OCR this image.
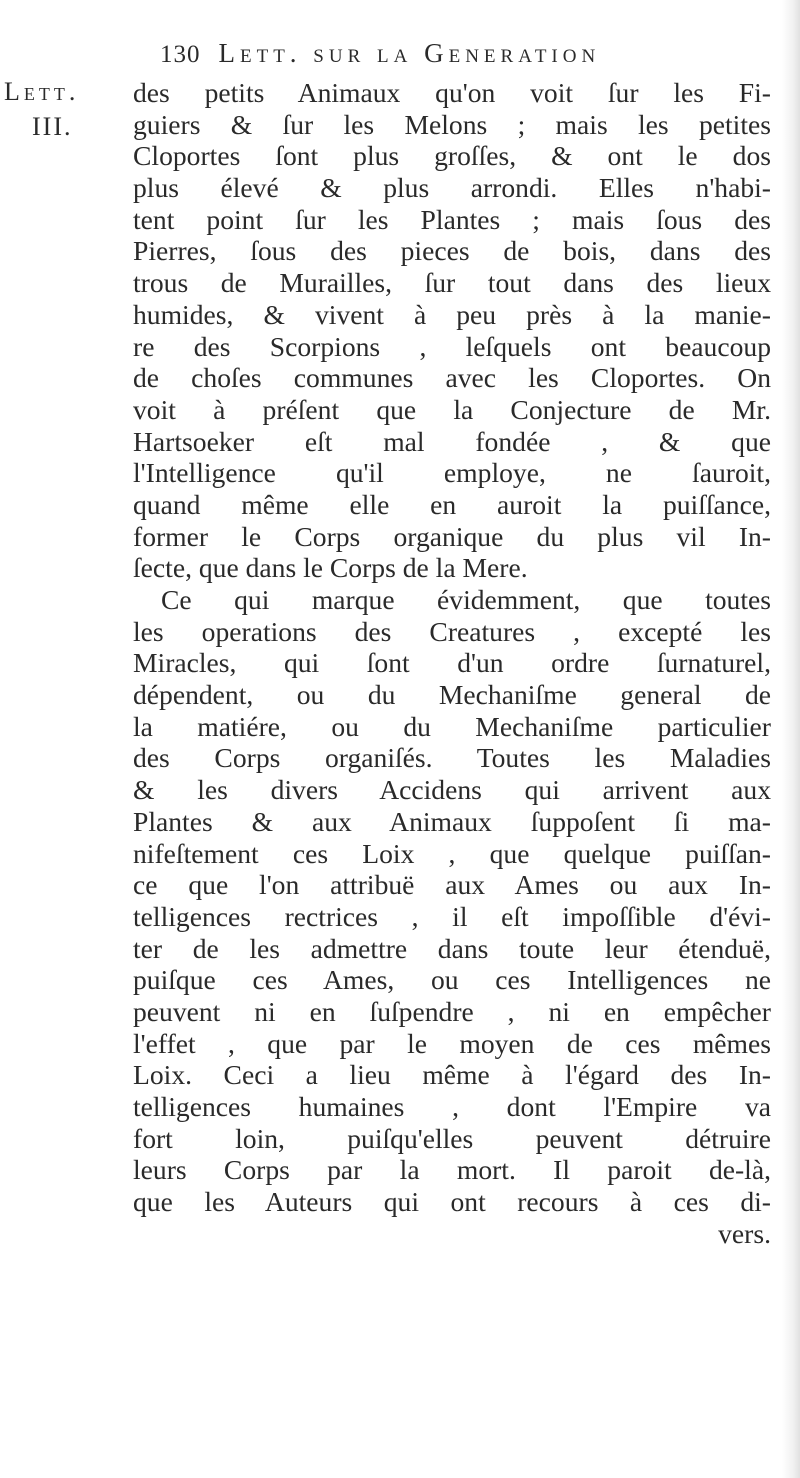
130 Lett. sur la Generation
Lett.
III.
des petits Animaux qu'on voit ſur les Fi-
guiers & ſur les Melons ; mais les petites
Cloportes ſont plus groſſes, & ont le dos
plus élevé & plus arrondi. Elles n'habi-
tent point ſur les Plantes ; mais ſous des
Pierres, ſous des pieces de bois, dans des
trous de Murailles, ſur tout dans des lieux
humides, & vivent à peu près à la manie-
re des Scorpions , leſquels ont beaucoup
de choſes communes avec les Cloportes. On
voit à préſent que la Conjecture de Mr.
Hartsoeker eſt mal fondée , & que
l'Intelligence qu'il employe, ne ſauroit,
quand même elle en auroit la puiſſance,
former le Corps organique du plus vil In-
ſecte, que dans le Corps de la Mere.
Ce qui marque évidemment, que toutes
les operations des Creatures , excepté les
Miracles, qui ſont d'un ordre ſurnaturel,
dépendent, ou du Mechaniſme general de
la matiére, ou du Mechaniſme particulier
des Corps organiſés. Toutes les Maladies
& les divers Accidens qui arrivent aux
Plantes & aux Animaux ſuppoſent ſi ma-
nifeſtement ces Loix , que quelque puiſſan-
ce que l'on attribuë aux Ames ou aux In-
telligences rectrices , il eſt impoſſible d'évi-
ter de les admettre dans toute leur étenduë,
puiſque ces Ames, ou ces Intelligences ne
peuvent ni en ſuſpendre , ni en empêcher
l'effet , que par le moyen de ces mêmes
Loix. Ceci a lieu même à l'égard des In-
telligences humaines , dont l'Empire va
fort loin, puiſqu'elles peuvent détruire
leurs Corps par la mort. Il paroit de-là,
que les Auteurs qui ont recours à ces di-
vers.
